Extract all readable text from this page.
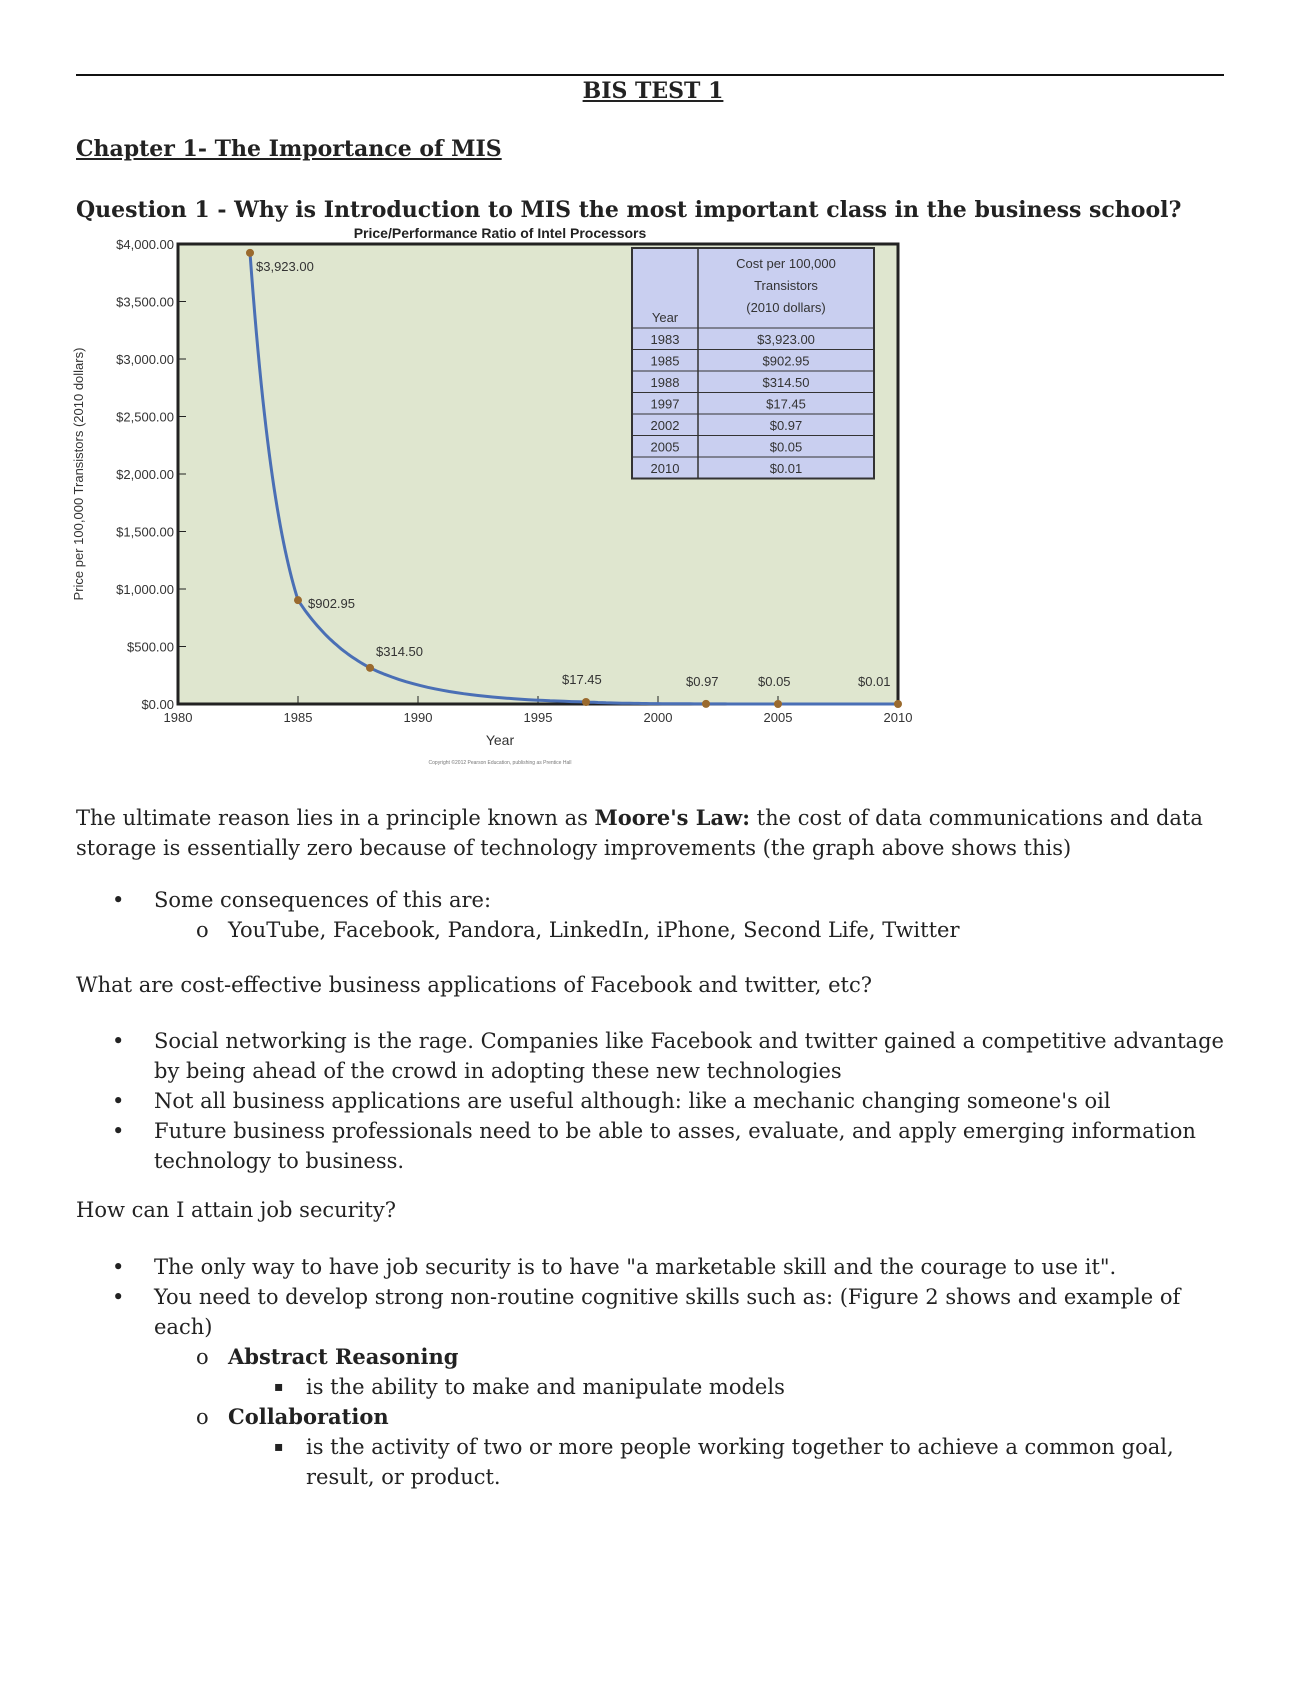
BIS TEST 1
Chapter 1- The Importance of MIS
Question 1 - Why is Introduction to MIS the most important class in the business school?
Price/Performance Ratio of Intel Processors
$0.00
$500.00
$1,000.00
$1,500.00
$2,000.00
$2,500.00
$3,000.00
$3,500.00
$4,000.00
1980	1985	1990	1995	2000	2005	2010
$3,923.00
$902.95
$314.50
$17.45	$0.97	$0.05	$0.01
Year
Cost per 100,000 Transistors (2010 dollars)
1983	$3,923.00
1985	$902.95
1988	$314.50
1997	$17.45
2002	$0.97
2005	$0.05
2010	$0.01
Year
Price per 100,000 Transistors (2010 dollars)
Copyright ©2012 Pearson Education, publishing as Prentice Hall
The ultimate reason lies in a principle known as Moore's Law: the cost of data communications and data storage is essentially zero because of technology improvements (the graph above shows this)
• Some consequences of this are:
o YouTube, Facebook, Pandora, LinkedIn, iPhone, Second Life, Twitter
What are cost-effective business applications of Facebook and twitter, etc?
• Social networking is the rage. Companies like Facebook and twitter gained a competitive advantage by being ahead of the crowd in adopting these new technologies
• Not all business applications are useful although: like a mechanic changing someone's oil
• Future business professionals need to be able to asses, evaluate, and apply emerging information technology to business.
How can I attain job security?
• The only way to have job security is to have "a marketable skill and the courage to use it".
• You need to develop strong non-routine cognitive skills such as: (Figure 2 shows and example of each)
o Abstract Reasoning
▪ is the ability to make and manipulate models
o Collaboration
▪ is the activity of two or more people working together to achieve a common goal, result, or product.
